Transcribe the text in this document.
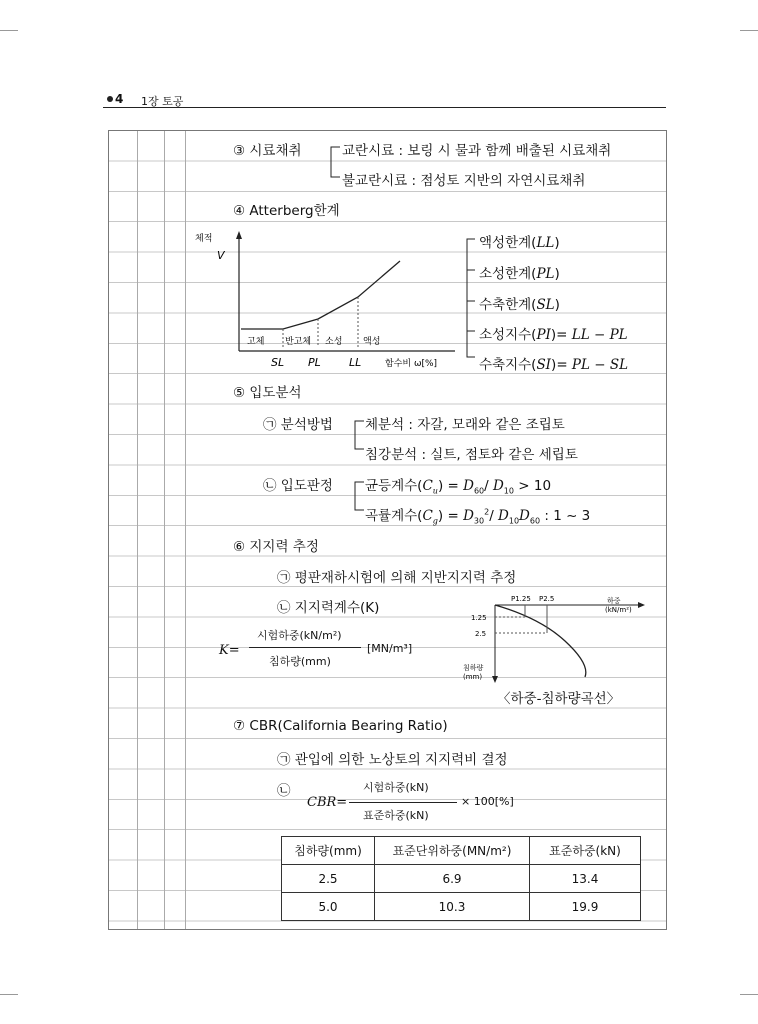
4 1장 토공
③ 시료채취	교란시료 : 보링 시 물과 함께 배출된 시료채취
불교란시료 : 점성토 지반의 자연시료채취
④ Atterberg한계
체적
V
고체 반고체 소성 액성
SL PL	LL	함수비 ω[%]
액성한계(LL)
소성한계(PL)
수축한계(SL)
소성지수(PI)= LL − PL
수축지수(SI)= PL − SL
⑤ 입도분석
㉠ 분석방법 체분석 : 자갈, 모래와 같은 조립토
침강분석 : 실트, 점토와 같은 세립토
㉡ 입도판정 균등계수$(C_u) = D_{60}/$ $D_{10} > 10$
곡률계수$(C_g) = D_{30}^2/$ $D_{10}D_{60}$ : 1 ~ 3
⑥ 지지력 추정
㉠ 평판재하시험에 의해 지반지지력 추정
㉡ 지지력계수(K)
K=
시험하중(kN/m²)
침하량(mm)
[MN/m³]
P1.25 P2.5	하중
(kN/m²)
1.25
2.5
침하량
(mm)
〈하중-침하량곡선〉
⑦ CBR(California Bearing Ratio)
㉠ 관입에 의한 노상토의 지지력비 결정
㉡
CBR=
시험하중(kN)
표준하중(kN)
× 100[%]
침하량(mm)	표준단위하중(MN/m²)	표준하중(kN)
2.5	6.9	13.4
5.0	10.3	19.9
